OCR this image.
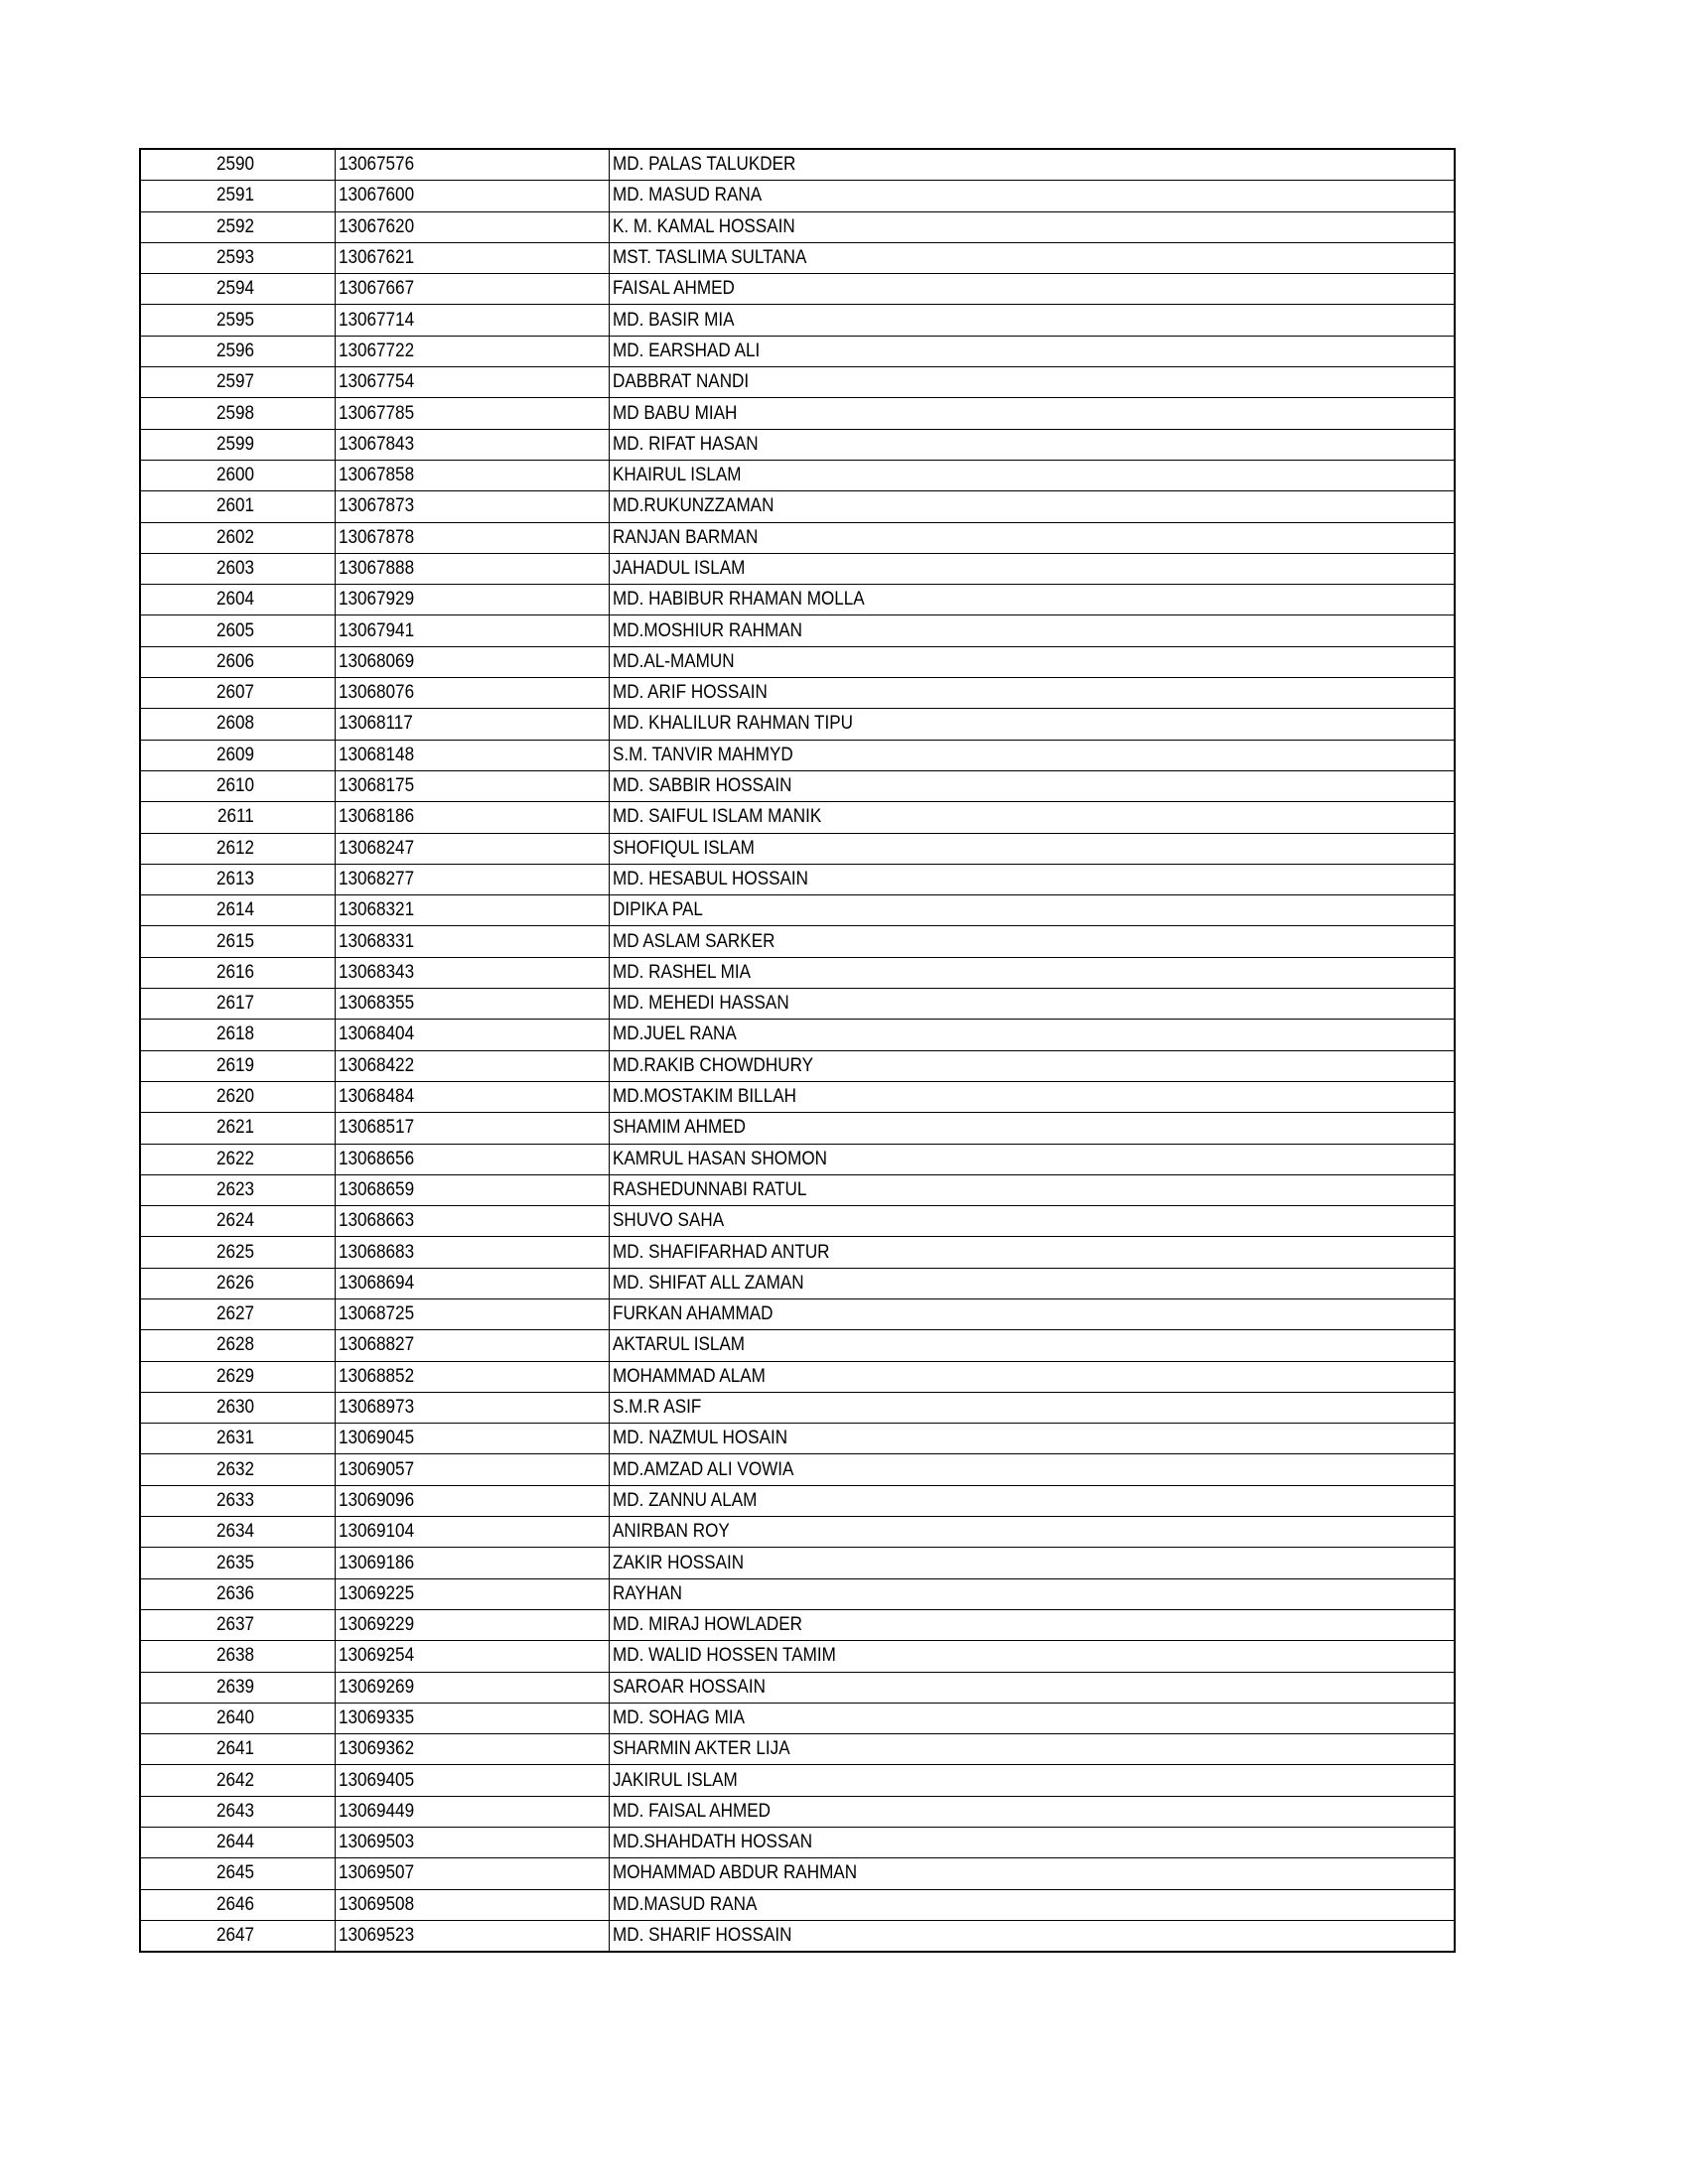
2590	13067576	MD. PALAS TALUKDER
2591	13067600	MD. MASUD RANA
2592	13067620	K. M. KAMAL HOSSAIN
2593	13067621	MST. TASLIMA SULTANA
2594	13067667	FAISAL AHMED
2595	13067714	MD. BASIR MIA
2596	13067722	MD. EARSHAD ALI
2597	13067754	DABBRAT NANDI
2598	13067785	MD BABU MIAH
2599	13067843	MD. RIFAT HASAN
2600	13067858	KHAIRUL ISLAM
2601	13067873	MD.RUKUNZZAMAN
2602	13067878	RANJAN BARMAN
2603	13067888	JAHADUL ISLAM
2604	13067929	MD. HABIBUR RHAMAN MOLLA
2605	13067941	MD.MOSHIUR RAHMAN
2606	13068069	MD.AL-MAMUN
2607	13068076	MD. ARIF HOSSAIN
2608	13068117	MD. KHALILUR RAHMAN TIPU
2609	13068148	S.M. TANVIR MAHMYD
2610	13068175	MD. SABBIR HOSSAIN
2611	13068186	MD. SAIFUL ISLAM MANIK
2612	13068247	SHOFIQUL ISLAM
2613	13068277	MD. HESABUL HOSSAIN
2614	13068321	DIPIKA PAL
2615	13068331	MD ASLAM SARKER
2616	13068343	MD. RASHEL MIA
2617	13068355	MD. MEHEDI HASSAN
2618	13068404	MD.JUEL RANA
2619	13068422	MD.RAKIB CHOWDHURY
2620	13068484	MD.MOSTAKIM BILLAH
2621	13068517	SHAMIM AHMED
2622	13068656	KAMRUL HASAN SHOMON
2623	13068659	RASHEDUNNABI RATUL
2624	13068663	SHUVO SAHA
2625	13068683	MD. SHAFIFARHAD ANTUR
2626	13068694	MD. SHIFAT ALL ZAMAN
2627	13068725	FURKAN AHAMMAD
2628	13068827	AKTARUL ISLAM
2629	13068852	MOHAMMAD ALAM
2630	13068973	S.M.R ASIF
2631	13069045	MD. NAZMUL HOSAIN
2632	13069057	MD.AMZAD ALI VOWIA
2633	13069096	MD. ZANNU ALAM
2634	13069104	ANIRBAN ROY
2635	13069186	ZAKIR HOSSAIN
2636	13069225	RAYHAN
2637	13069229	MD. MIRAJ HOWLADER
2638	13069254	MD. WALID HOSSEN TAMIM
2639	13069269	SAROAR HOSSAIN
2640	13069335	MD. SOHAG MIA
2641	13069362	SHARMIN AKTER LIJA
2642	13069405	JAKIRUL ISLAM
2643	13069449	MD. FAISAL AHMED
2644	13069503	MD.SHAHDATH HOSSAN
2645	13069507	MOHAMMAD ABDUR RAHMAN
2646	13069508	MD.MASUD RANA
2647	13069523	MD. SHARIF HOSSAIN
